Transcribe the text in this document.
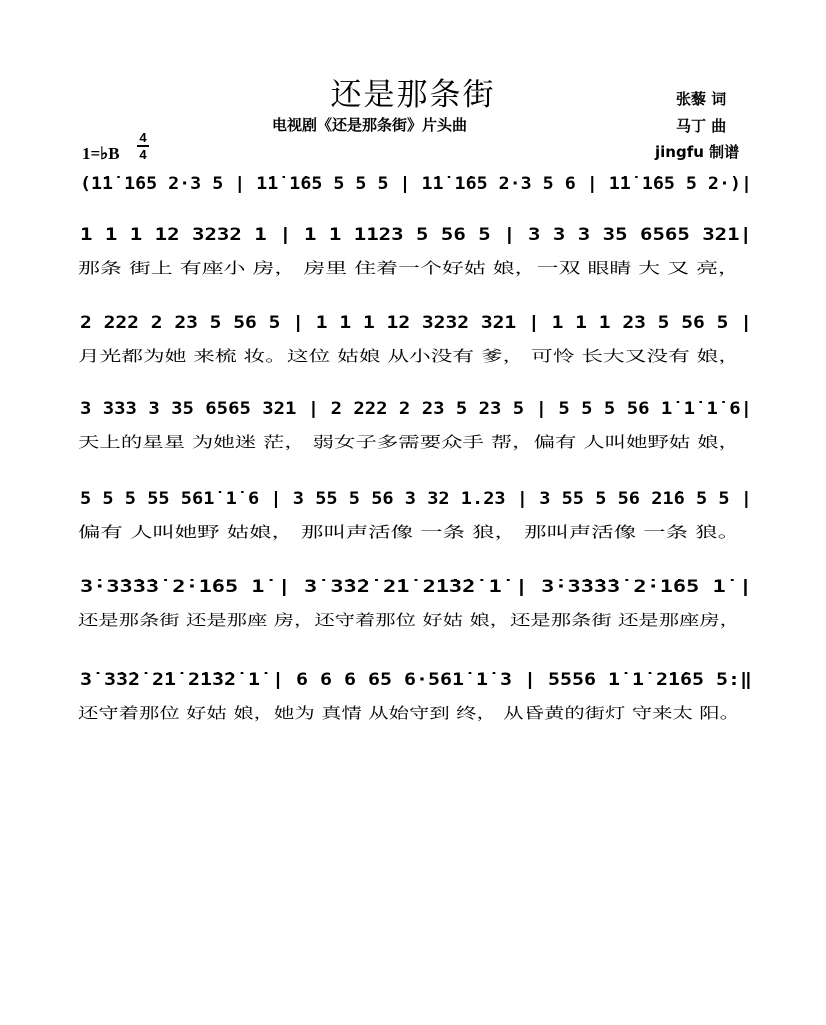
还是那条街
电视剧《还是那条街》片头曲
张藜 词
马丁 曲
jingfu 制谱
1=♭B
4
4
(1̇1̇ 1̇65 2·3 5 | 1̇1̇ 1̇65 5 5 5 | 1̇1̇ 1̇65 2·3 5 6 | 1̇1̇ 1̇65 5 2·)|
1 1 1 12 3232 1 | 1 1 1123 5 56 5 | 3 3 3 35 6565 321|
2 222 2 23 5 56 5 | 1 1 1 12 3232 321 | 1 1 1 23 5 56 5 |
3 333 3 35 6565 321 | 2 222 2 23 5 23 5 | 5 5 5 56 1̇ 1̇ 1̇ 6|
5 5 5 55 561̇ 1̇ 6 | 3 55 5 56 3 32 1.23 | 3 55 5 56 21̇6 5 5 |
3̇·3̇3̇3̇3̇ 2̇·1̇65 1̇ | 3̇ 3̇3̇2̇ 2̇1̇ 2̇1̇3̇2̇ 1̇ | 3̇·3̇3̇3̇3̇ 2̇·1̇65 1̇ |
3̇ 3̇3̇2̇ 2̇1̇ 2̇1̇3̇2̇ 1̇ | 6 6 6 65 6·561̇ 1̇ 3 | 5556 1̇ 1̇ 2̇1̇65 5:‖
那条 街上 有座小 房， 房里 住着一个好姑 娘，一双 眼睛 大 又 亮，
月光都为她 来梳 妆。这位 姑娘 从小没有 爹， 可怜 长大又没有 娘，
天上的星星 为她迷 茫， 弱女子多需要众手 帮，偏有 人叫她野姑 娘，
偏有 人叫她野 姑娘， 那叫声活像 一条 狼， 那叫声活像 一条 狼。
还是那条街 还是那座 房，还守着那位 好姑 娘，还是那条街 还是那座房，
还守着那位 好姑 娘，她为 真情 从始守到 终， 从昏黄的街灯 守来太 阳。
